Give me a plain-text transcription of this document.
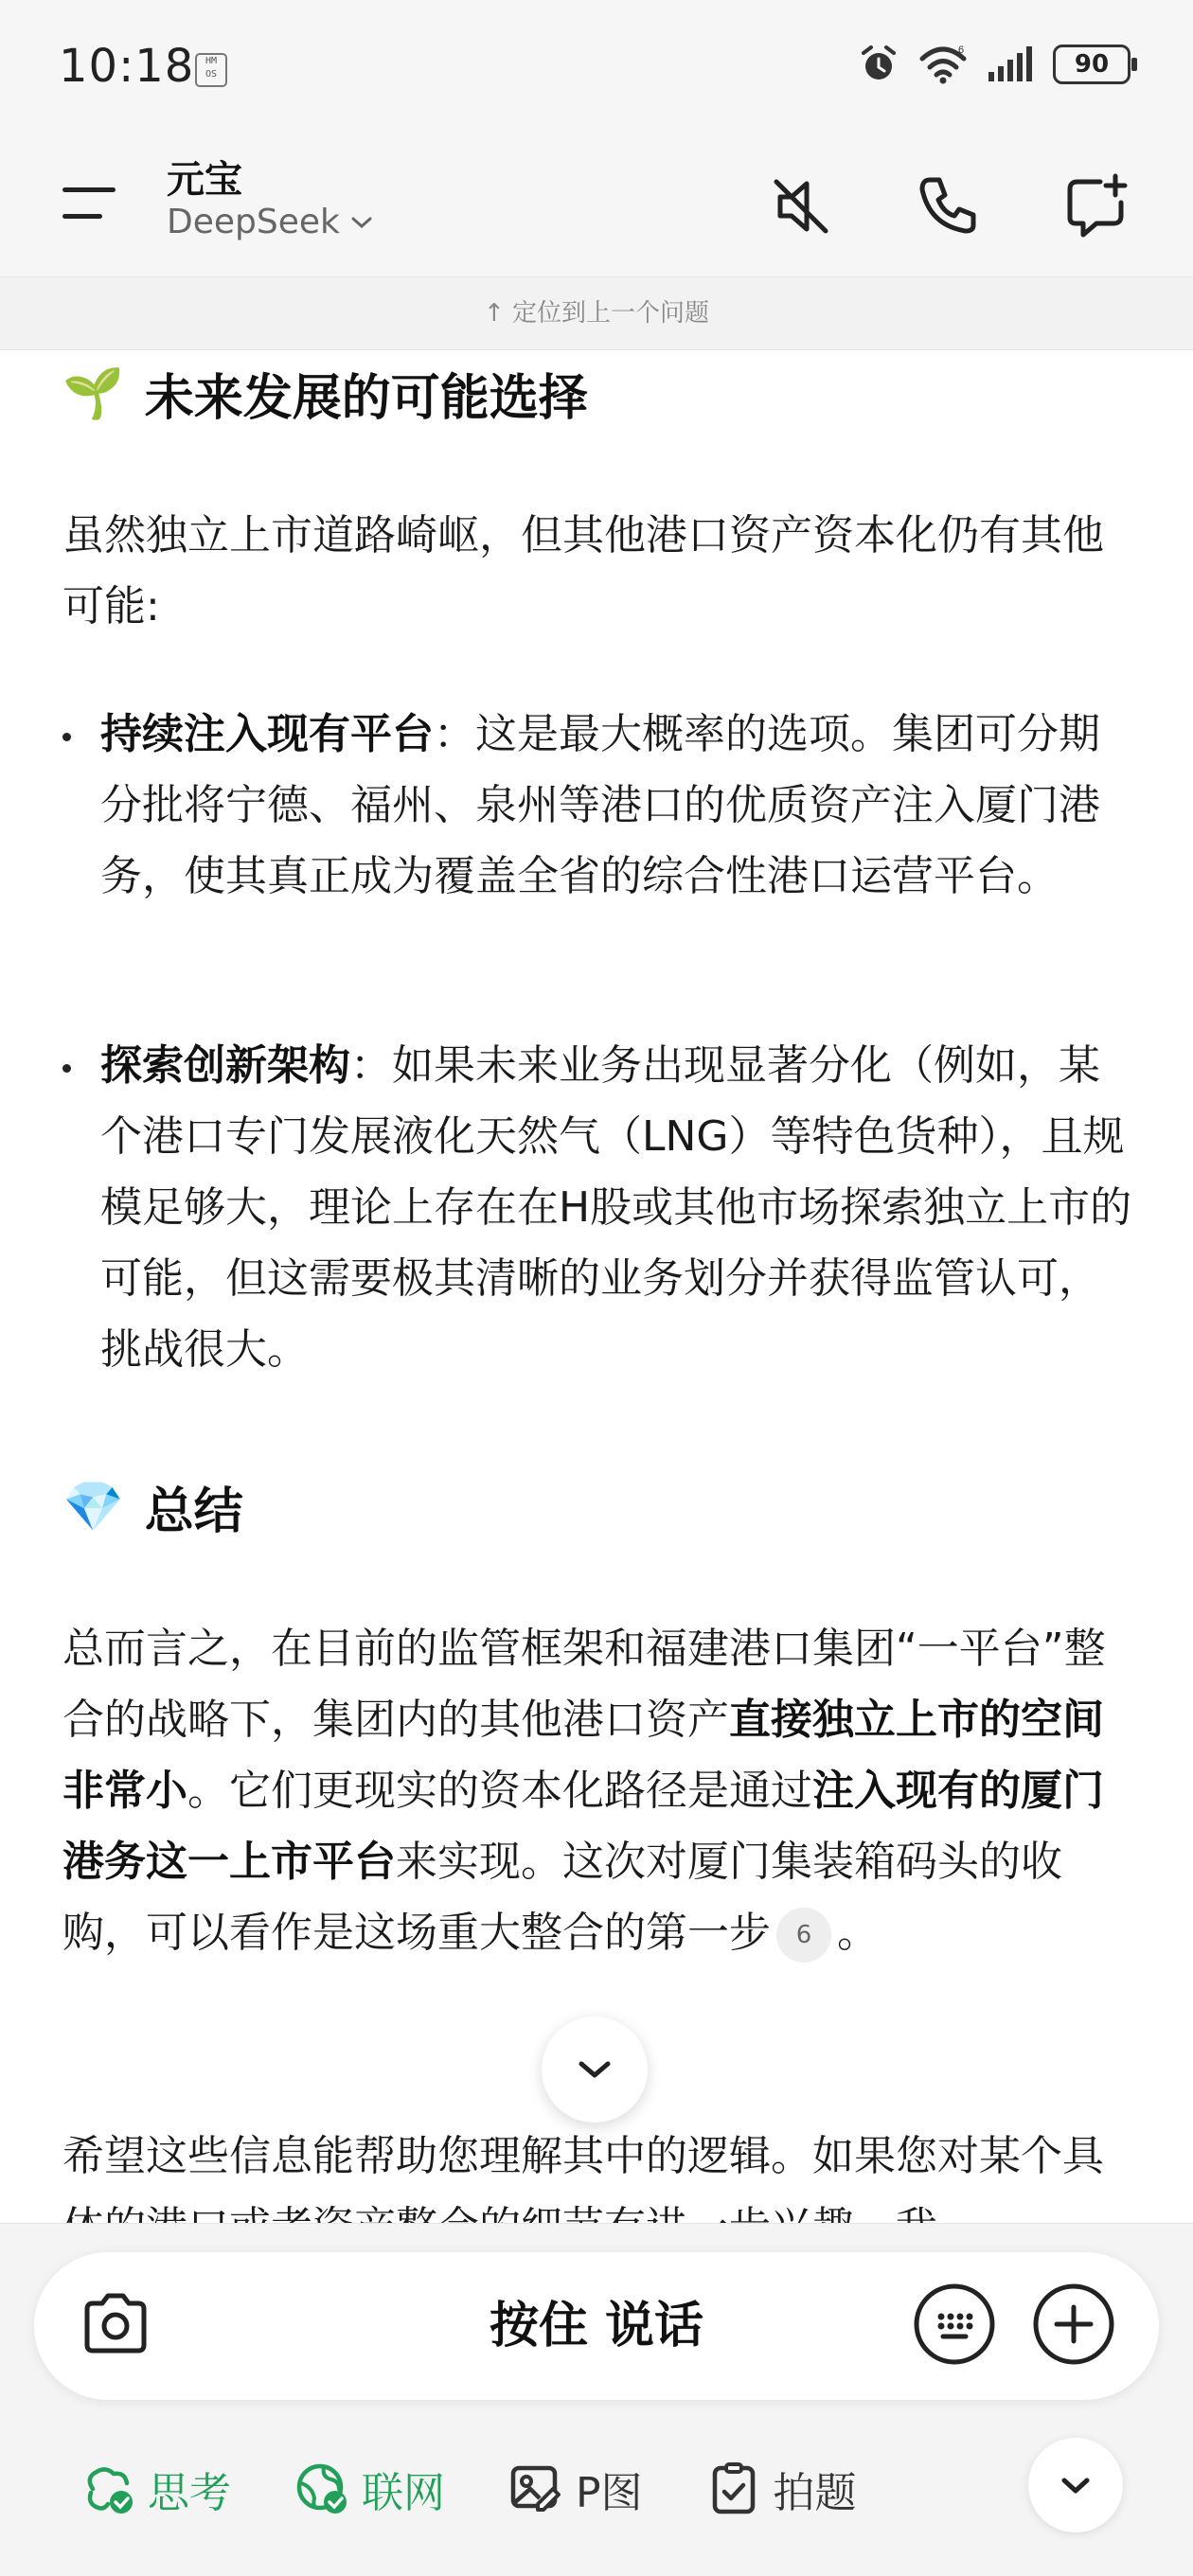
10:18	HM OS
6	90
元宝
DeepSeek
↑ 定位到上一个问题
🌱 未来发展的可能选择
虽然独立上市道路崎岖，但其他港口资产资本化仍有其他可能:
持续注入现有平台：这是最大概率的选项。集团可分期分批将宁德、福州、泉州等港口的优质资产注入厦门港务，使其真正成为覆盖全省的综合性港口运营平台。
探索创新架构：如果未来业务出现显著分化（例如，某个港口专门发展液化天然气（LNG）等特色货种），且规模足够大，理论上存在在H股或其他市场探索独立上市的可能，但这需要极其清晰的业务划分并获得监管认可，挑战很大。
💎 总结
总而言之，在目前的监管框架和福建港口集团“一平台”整合的战略下，集团内的其他港口资产直接独立上市的空间非常小。它们更现实的资本化路径是通过注入现有的厦门港务这一上市平台来实现。这次对厦门集装箱码头的收购，可以看作是这场重大整合的第一步 6 。
希望这些信息能帮助您理解其中的逻辑。如果您对某个具
按住 说话
思考	联网	P图	拍题
